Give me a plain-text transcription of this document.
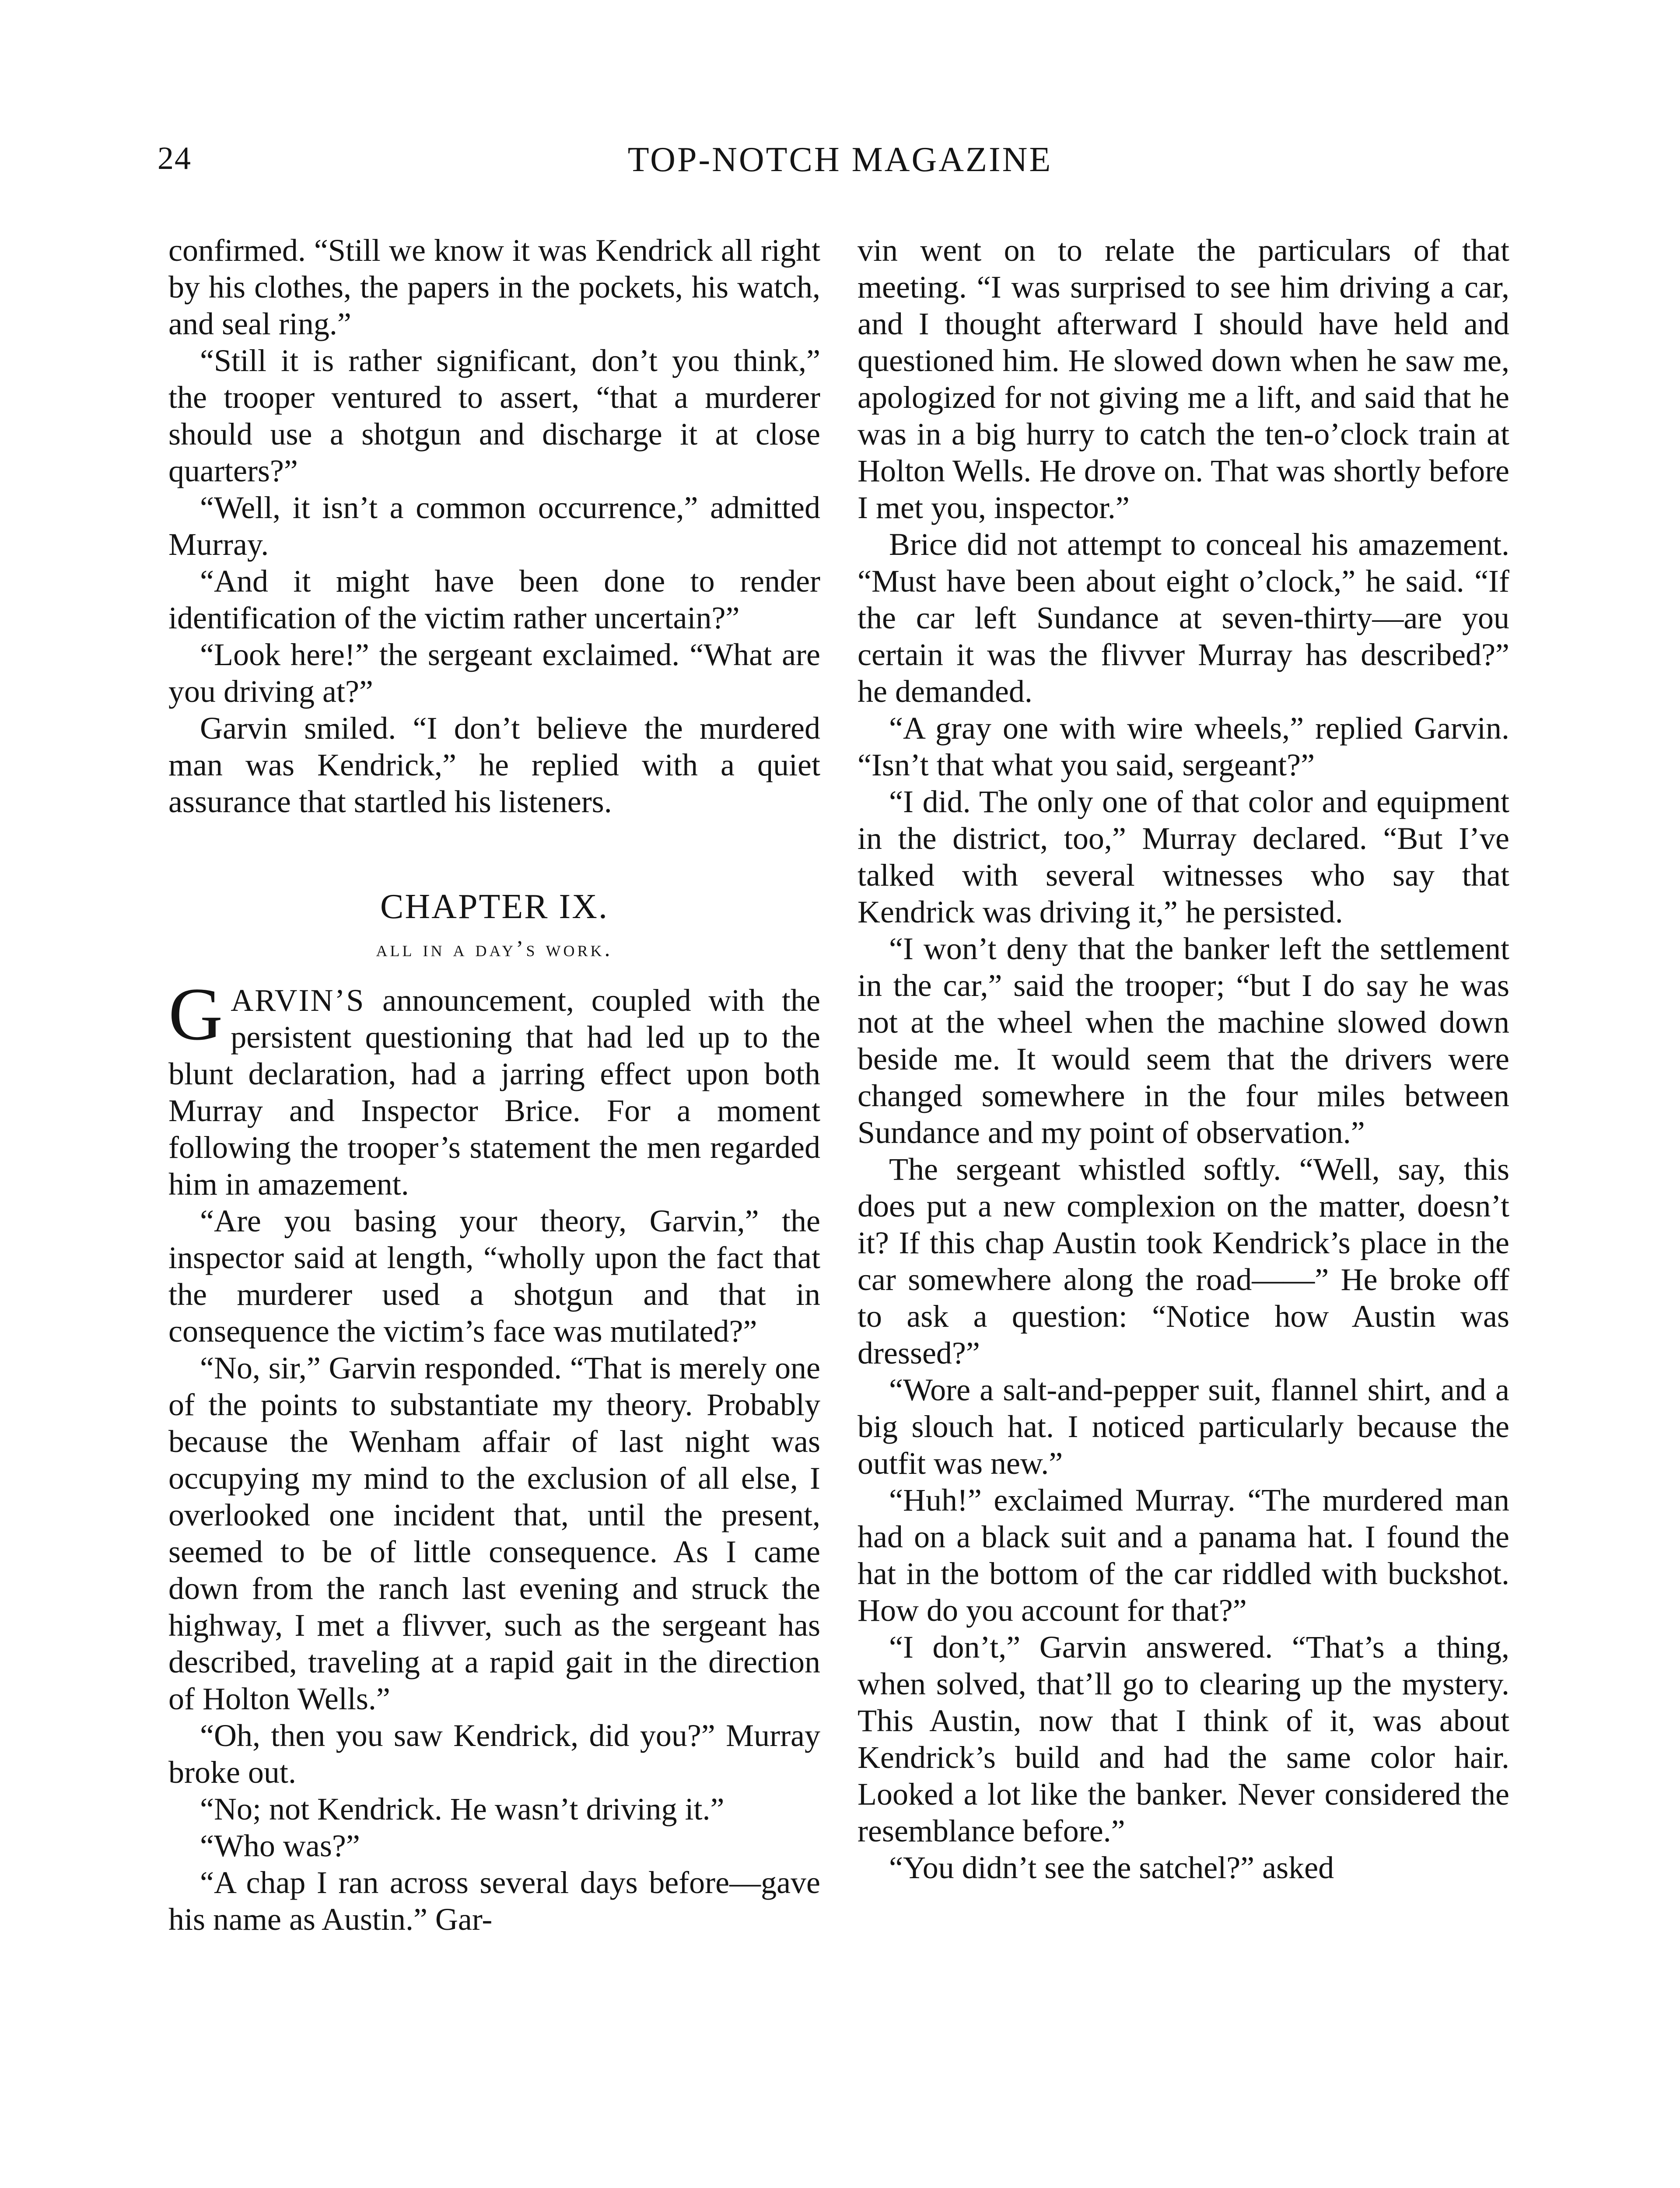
24	TOP-NOTCH MAGAZINE

confirmed. “Still we know it was Kendrick all right by his clothes, the papers in the pockets, his watch, and seal ring.”

“Still it is rather significant, don’t you think,” the trooper ventured to assert, “that a murderer should use a shotgun and discharge it at close quarters?”

“Well, it isn’t a common occurrence,” admitted Murray.

“And it might have been done to render identification of the victim rather uncertain?”

“Look here!” the sergeant exclaimed. “What are you driving at?”

Garvin smiled. “I don’t believe the murdered man was Kendrick,” he replied with a quiet assurance that startled his listeners.

CHAPTER IX.
all in a day’s work.

GARVIN’S announcement, coupled with the persistent questioning that had led up to the blunt declaration, had a jarring effect upon both Murray and Inspector Brice. For a moment following the trooper’s statement the men regarded him in amazement.

“Are you basing your theory, Garvin,” the inspector said at length, “wholly upon the fact that the murderer used a shotgun and that in consequence the victim’s face was mutilated?”

“No, sir,” Garvin responded. “That is merely one of the points to substantiate my theory. Probably because the Wenham affair of last night was occupying my mind to the exclusion of all else, I overlooked one incident that, until the present, seemed to be of little consequence. As I came down from the ranch last evening and struck the highway, I met a flivver, such as the sergeant has described, traveling at a rapid gait in the direction of Holton Wells.”

“Oh, then you saw Kendrick, did you?” Murray broke out.

“No; not Kendrick. He wasn’t driving it.”

“Who was?”

“A chap I ran across several days before—gave his name as Austin.” Gar-

vin went on to relate the particulars of that meeting. “I was surprised to see him driving a car, and I thought afterward I should have held and questioned him. He slowed down when he saw me, apologized for not giving me a lift, and said that he was in a big hurry to catch the ten-o’clock train at Holton Wells. He drove on. That was shortly before I met you, inspector.”

Brice did not attempt to conceal his amazement. “Must have been about eight o’clock,” he said. “If the car left Sundance at seven-thirty—are you certain it was the flivver Murray has described?” he demanded.

“A gray one with wire wheels,” replied Garvin. “Isn’t that what you said, sergeant?”

“I did. The only one of that color and equipment in the district, too,” Murray declared. “But I’ve talked with several witnesses who say that Kendrick was driving it,” he persisted.

“I won’t deny that the banker left the settlement in the car,” said the trooper; “but I do say he was not at the wheel when the machine slowed down beside me. It would seem that the drivers were changed somewhere in the four miles between Sundance and my point of observation.”

The sergeant whistled softly. “Well, say, this does put a new complexion on the matter, doesn’t it? If this chap Austin took Kendrick’s place in the car somewhere along the road——” He broke off to ask a question: “Notice how Austin was dressed?”

“Wore a salt-and-pepper suit, flannel shirt, and a big slouch hat. I noticed particularly because the outfit was new.”

“Huh!” exclaimed Murray. “The murdered man had on a black suit and a panama hat. I found the hat in the bottom of the car riddled with buckshot. How do you account for that?”

“I don’t,” Garvin answered. “That’s a thing, when solved, that’ll go to clearing up the mystery. This Austin, now that I think of it, was about Kendrick’s build and had the same color hair. Looked a lot like the banker. Never considered the resemblance before.”

“You didn’t see the satchel?” asked
